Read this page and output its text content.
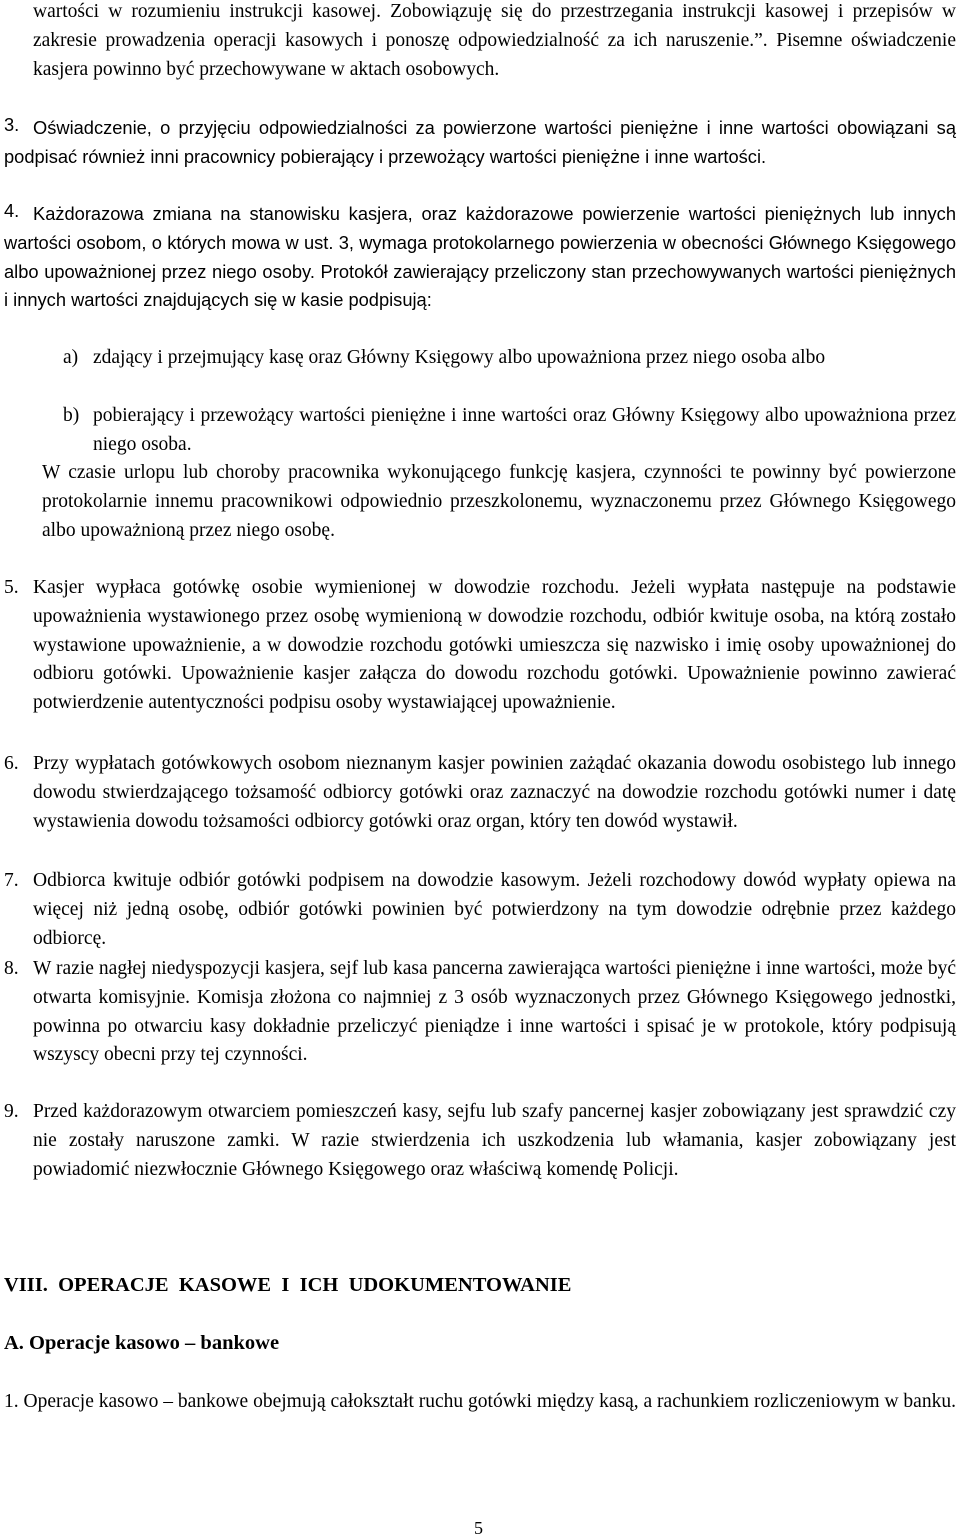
wartości w rozumieniu instrukcji kasowej. Zobowiązuję się do przestrzegania instrukcji kasowej i przepisów w zakresie prowadzenia operacji kasowych i ponoszę odpowiedzialność za ich naruszenie.”. Pisemne oświadczenie kasjera powinno być przechowywane w aktach osobowych.

3. Oświadczenie, o przyjęciu odpowiedzialności za powierzone wartości pieniężne i inne wartości obowiązani są podpisać również inni pracownicy pobierający i przewożący wartości pieniężne i inne wartości.

4. Każdorazowa zmiana na stanowisku kasjera, oraz każdorazowe powierzenie wartości pieniężnych lub innych wartości osobom, o których mowa w ust. 3, wymaga protokolarnego powierzenia w obecności Głównego Księgowego albo upoważnionej przez niego osoby. Protokół zawierający przeliczony stan przechowywanych wartości pieniężnych i innych wartości znajdujących się w kasie podpisują:

a) zdający i przejmujący kasę oraz Główny Księgowy albo upoważniona przez niego osoba albo

b) pobierający i przewożący wartości pieniężne i inne wartości oraz Główny Księgowy albo upoważniona przez niego osoba.

W czasie urlopu lub choroby pracownika wykonującego funkcję kasjera, czynności te powinny być powierzone protokolarnie innemu pracownikowi odpowiednio przeszkolonemu, wyznaczonemu przez Głównego Księgowego albo upoważnioną przez niego osobę.

5. Kasjer wypłaca gotówkę osobie wymienionej w dowodzie rozchodu. Jeżeli wypłata następuje na podstawie upoważnienia wystawionego przez osobę wymienioną w dowodzie rozchodu, odbiór kwituje osoba, na którą zostało wystawione upoważnienie, a w dowodzie rozchodu gotówki umieszcza się nazwisko i imię osoby upoważnionej do odbioru gotówki. Upoważnienie kasjer załącza do dowodu rozchodu gotówki. Upoważnienie powinno zawierać potwierdzenie autentyczności podpisu osoby wystawiającej upoważnienie.

6. Przy wypłatach gotówkowych osobom nieznanym kasjer powinien zażądać okazania dowodu osobistego lub innego dowodu stwierdzającego tożsamość odbiorcy gotówki oraz zaznaczyć na dowodzie rozchodu gotówki numer i datę wystawienia dowodu tożsamości odbiorcy gotówki oraz organ, który ten dowód wystawił.

7. Odbiorca kwituje odbiór gotówki podpisem na dowodzie kasowym. Jeżeli rozchodowy dowód wypłaty opiewa na więcej niż jedną osobę, odbiór gotówki powinien być potwierdzony na tym dowodzie odrębnie przez każdego odbiorcę.

8. W razie nagłej niedyspozycji kasjera, sejf lub kasa pancerna zawierająca wartości pieniężne i inne wartości, może być otwarta komisyjnie. Komisja złożona co najmniej z 3 osób wyznaczonych przez Głównego Księgowego jednostki, powinna po otwarciu kasy dokładnie przeliczyć pieniądze i inne wartości i spisać je w protokole, który podpisują wszyscy obecni przy tej czynności.

9. Przed każdorazowym otwarciem pomieszczeń kasy, sejfu lub szafy pancernej kasjer zobowiązany jest sprawdzić czy nie zostały naruszone zamki. W razie stwierdzenia ich uszkodzenia lub włamania, kasjer zobowiązany jest powiadomić niezwłocznie Głównego Księgowego oraz właściwą komendę Policji.

VIII.  OPERACJE  KASOWE  I  ICH  UDOKUMENTOWANIE
A. Operacje kasowo – bankowe

1. Operacje kasowo – bankowe obejmują całokształt ruchu gotówki między kasą, a rachunkiem rozliczeniowym w banku.

5
